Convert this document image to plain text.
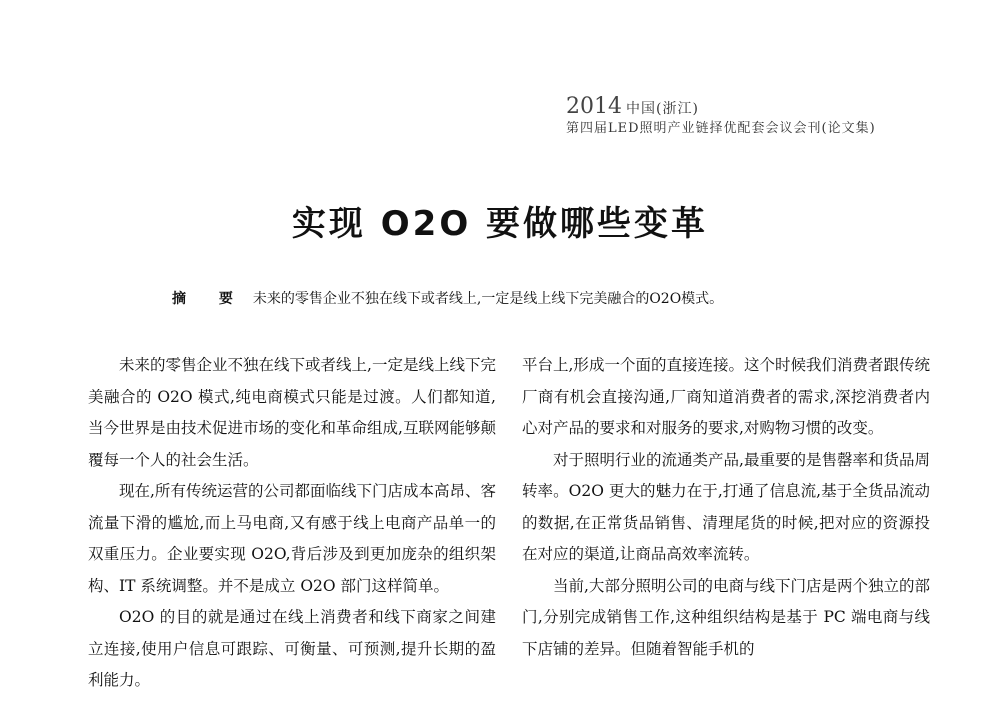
2014 中国(浙江)
第四届LED照明产业链择优配套会议会刊(论文集)
实现 O2O 要做哪些变革
摘 要 未来的零售企业不独在线下或者线上,一定是线上线下完美融合的O2O模式。

未来的零售企业不独在线下或者线上,一定是线上线下完美融合的 O2O 模式,纯电商模式只能是过渡。人们都知道,当今世界是由技术促进市场的变化和革命组成,互联网能够颠覆每一个人的社会生活。

现在,所有传统运营的公司都面临线下门店成本高昂、客流量下滑的尴尬,而上马电商,又有感于线上电商产品单一的双重压力。企业要实现 O2O,背后涉及到更加庞杂的组织架构、IT 系统调整。并不是成立 O2O 部门这样简单。

O2O 的目的就是通过在线上消费者和线下商家之间建立连接,使用户信息可跟踪、可衡量、可预测,提升长期的盈利能力。

平台上,形成一个面的直接连接。这个时候我们消费者跟传统厂商有机会直接沟通,厂商知道消费者的需求,深挖消费者内心对产品的要求和对服务的要求,对购物习惯的改变。

对于照明行业的流通类产品,最重要的是售罄率和货品周转率。O2O 更大的魅力在于,打通了信息流,基于全货品流动的数据,在正常货品销售、清理尾货的时候,把对应的资源投在对应的渠道,让商品高效率流转。

当前,大部分照明公司的电商与线下门店是两个独立的部门,分别完成销售工作,这种组织结构是基于 PC 端电商与线下店铺的差异。但随着智能手机的
